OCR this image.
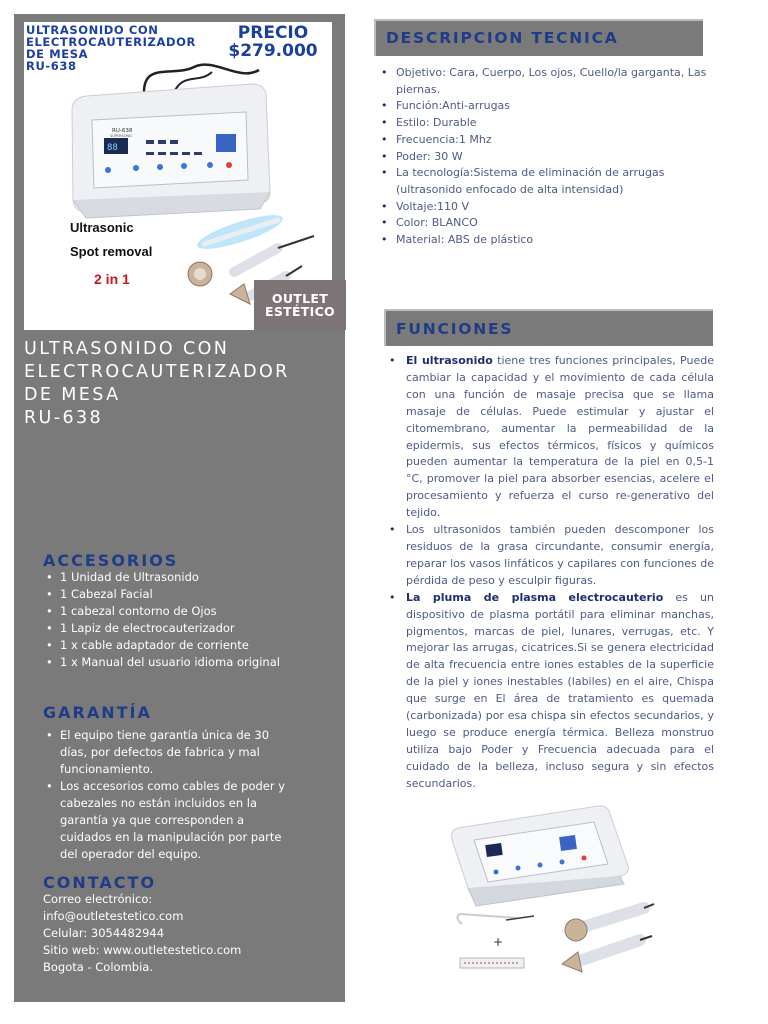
ULTRASONIDO CON
ELECTROCAUTERIZADOR
DE MESA
RU-638
PRECIO
$279.000
88
RU-638
SUPERSONIC
Ultrasonic
Spot removal
2 in 1
OUTLET
ESTÉTICO
ULTRASONIDO CON
ELECTROCAUTERIZADOR
DE MESA
RU-638
ACCESORIOS
• 1 Unidad de Ultrasonido
• 1 Cabezal Facial
• 1 cabezal contorno de Ojos
• 1 Lapiz de electrocauterizador
• 1 x cable adaptador de corriente
• 1 x Manual del usuario idioma original
GARANTÍA
• El equipo tiene garantía única de 30 días, por defectos de fabrica y mal funcionamiento.
• Los accesorios como cables de poder y cabezales no están incluidos en la garantía ya que corresponden a cuidados en la manipulación por parte del operador del equipo.
CONTACTO
Correo electrónico:
info@outletestetico.com
Celular: 3054482944
Sitio web: www.outletestetico.com
Bogota - Colombia.
DESCRIPCION TECNICA
• Objetivo: Cara, Cuerpo, Los ojos, Cuello/la garganta, Las piernas.
• Función:Anti-arrugas
• Estilo: Durable
• Frecuencia:1 Mhz
• Poder: 30 W
• La tecnología:Sistema de eliminación de arrugas (ultrasonido enfocado de alta intensidad)
• Voltaje:110 V
• Color: BLANCO
• Material: ABS de plástico
FUNCIONES
• El ultrasonido tiene tres funciones principales, Puede cambiar la capacidad y el movimiento de cada célula con una función de masaje precisa que se llama masaje de células. Puede estimular y ajustar el citomembrano, aumentar la permeabilidad de la epidermis, sus efectos térmicos, físicos y químicos pueden aumentar la temperatura de la piel en 0,5-1 °C, promover la piel para absorber esencias, acelere el procesamiento y refuerza el curso re-generativo del tejido.
• Los ultrasonidos también pueden descomponer los residuos de la grasa circundante, consumir energía, reparar los vasos linfáticos y capilares con funciones de pérdida de peso y esculpir figuras.
• La pluma de plasma electrocauterio es un dispositivo de plasma portátil para eliminar manchas, pigmentos, marcas de piel, lunares, verrugas, etc. Y mejorar las arrugas, cicatrices.Si se genera electricidad de alta frecuencia entre iones estables de la superficie de la piel y iones inestables (labiles) en el aire, Chispa que surge en El área de tratamiento es quemada (carbonizada) por esa chispa sin efectos secundarios, y luego se produce energía térmica. Belleza monstruo utiliza bajo Poder y Frecuencia adecuada para el cuidado de la belleza, incluso segura y sin efectos secundarios.
+
